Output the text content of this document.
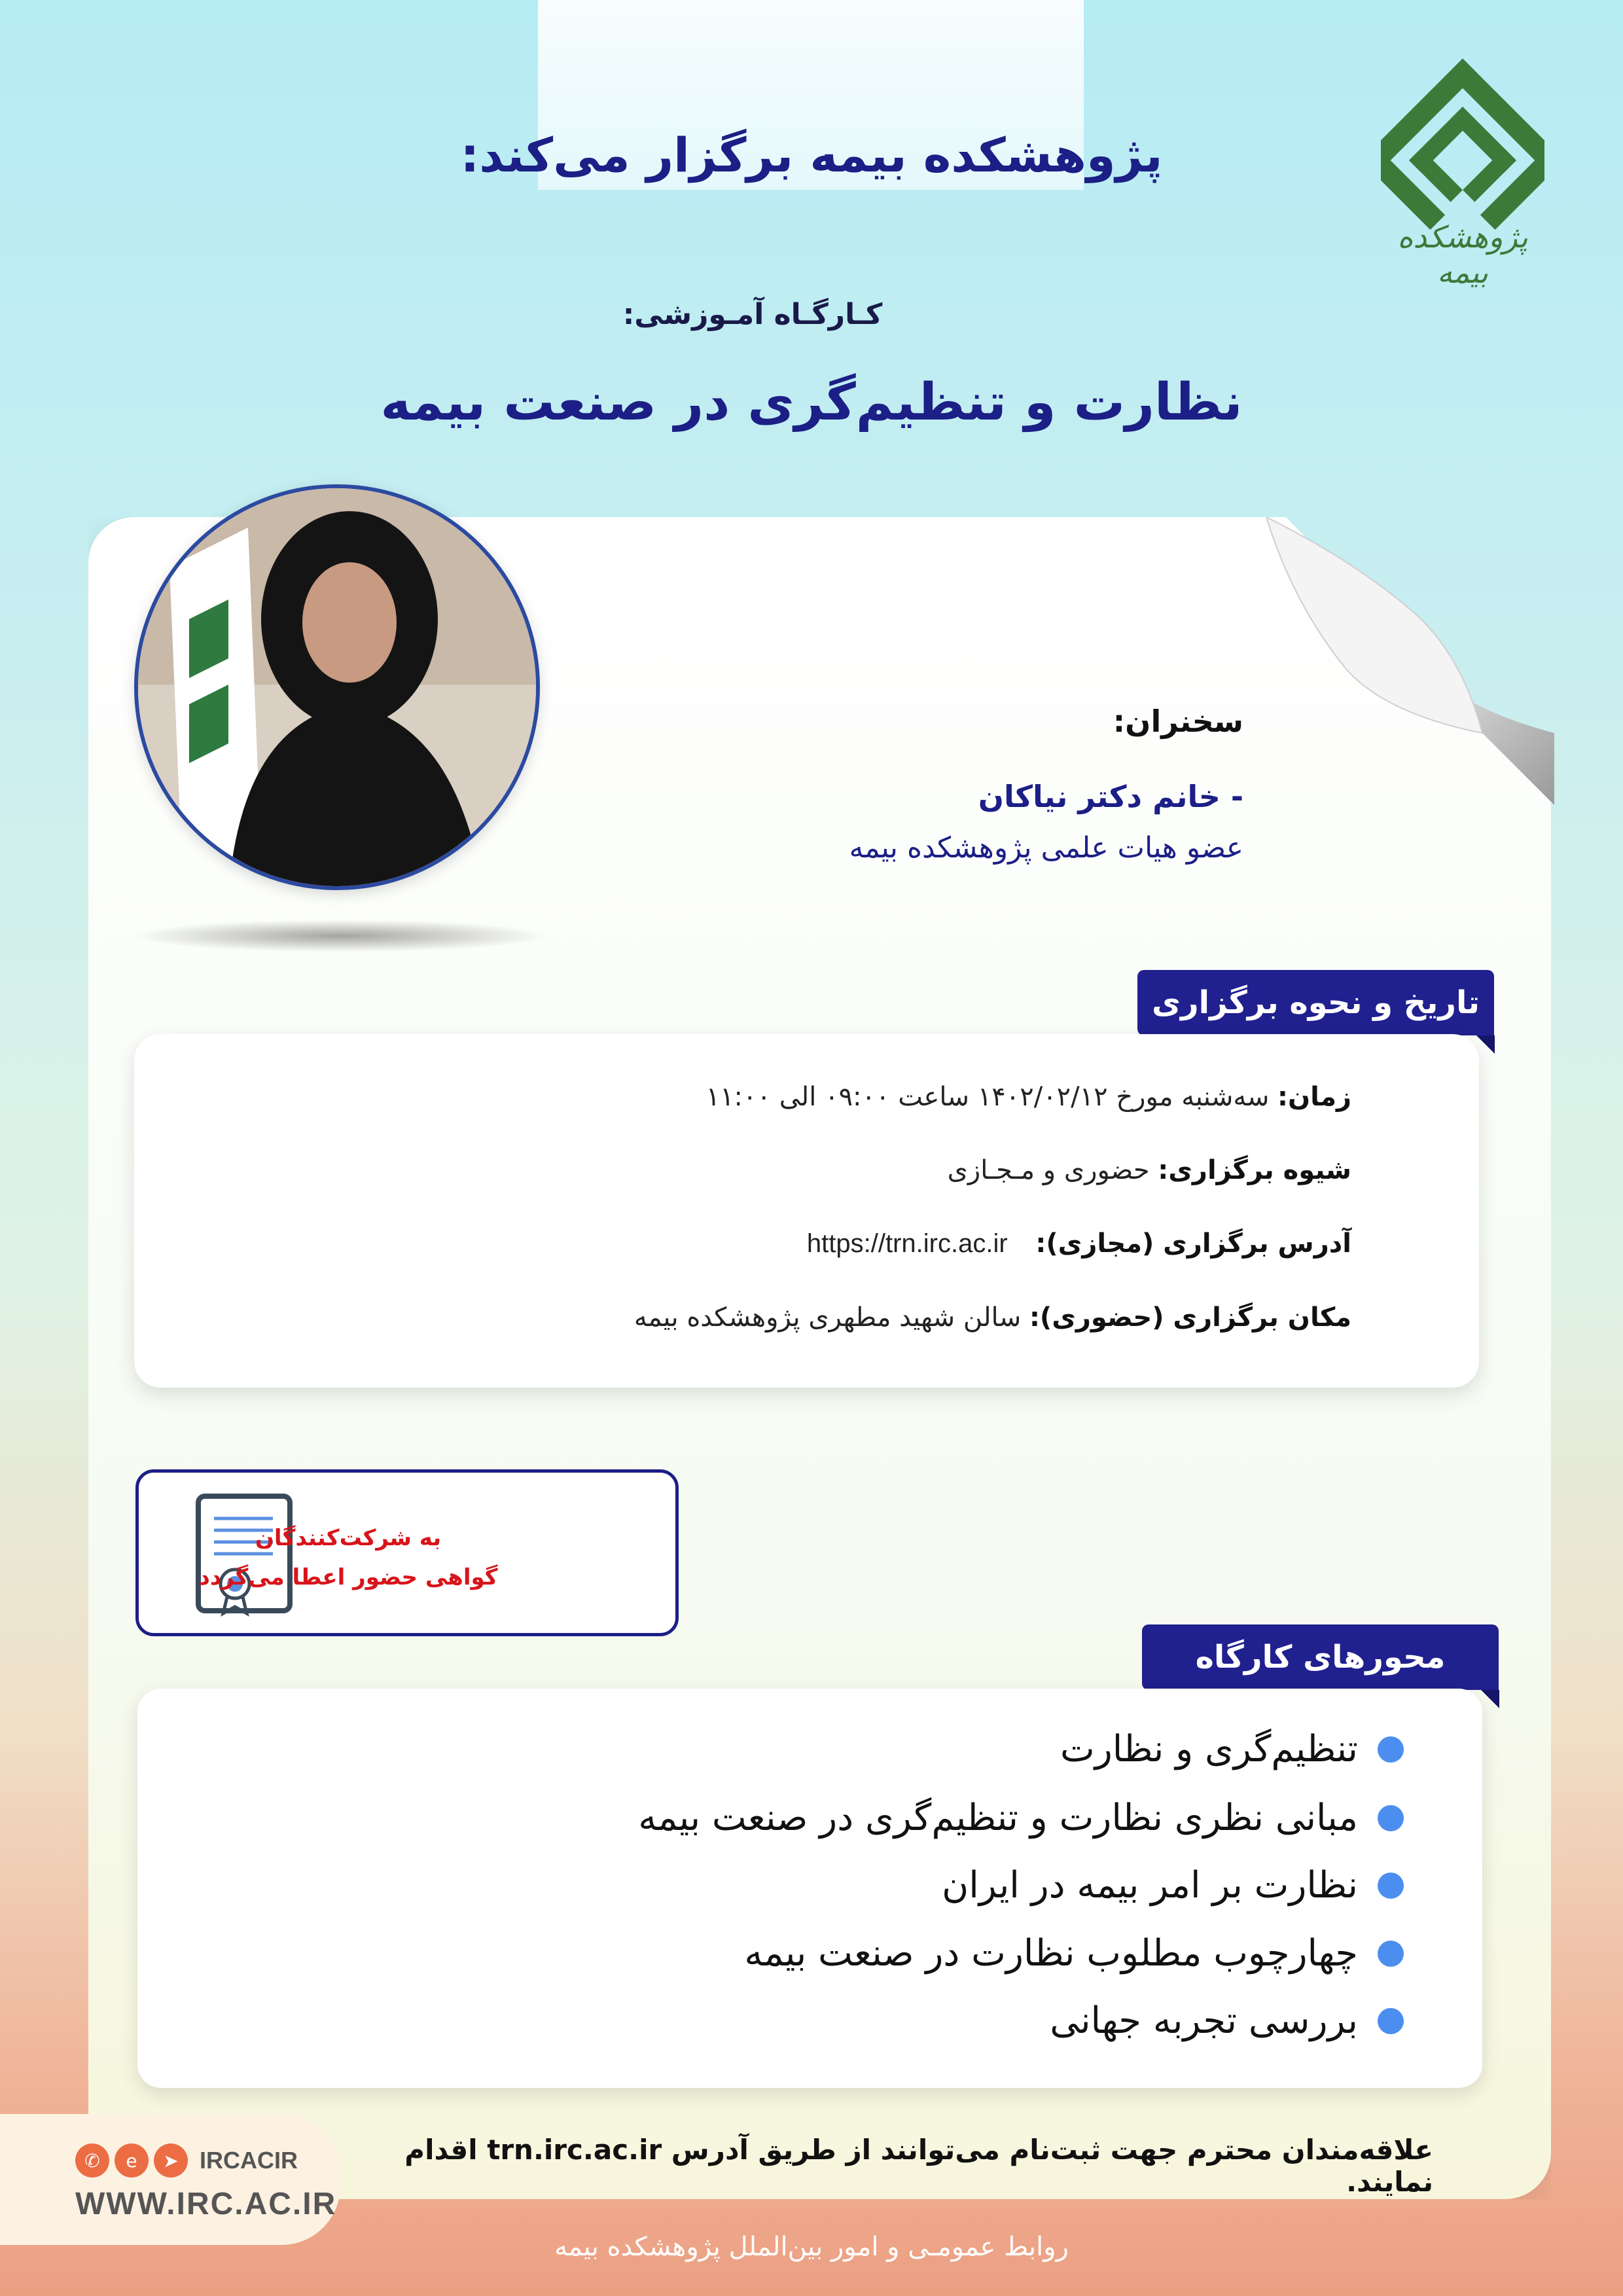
پژوهشکده بیمه برگزار می‌کند:
پژوهشکده بیمه
کـارگـاه آمـوزشی:
نظارت و تنظیم‌گری در صنعت بیمه
سخنران:
- خانم دکتر نیاکان
عضو هیات علمی پژوهشکده بیمه
تاریخ و نحوه برگزاری
زمان: سه‌شنبه مورخ ۱۴۰۲/۰۲/۱۲ ساعت ۰۹:۰۰ الی ۱۱:۰۰
شیوه برگزاری: حضوری و مـجـازی
آدرس برگزاری (مجازی): https://trn.irc.ac.ir
مکان برگزاری (حضوری): سالن شهید مطهری پژوهشکده بیمه
به شرکت‌کنندگان
گواهی حضور اعطا می‌گردد
محورهای کارگاه
تنظیم‌گری و نظارت
مبانی نظری نظارت و تنظیم‌گری در صنعت بیمه
نظارت بر امر بیمه در ایران
چهارچوب مطلوب نظارت در صنعت بیمه
بررسی تجربه جهانی
✆	e	➤ IRCACIR
WWW.IRC.AC.IR
علاقه‌مندان محترم جهت ثبت‌نام می‌توانند از طریق آدرس trn.irc.ac.ir اقدام نمایند.
روابط عمومـی و امور بین‌الملل پژوهشکده بیمه
